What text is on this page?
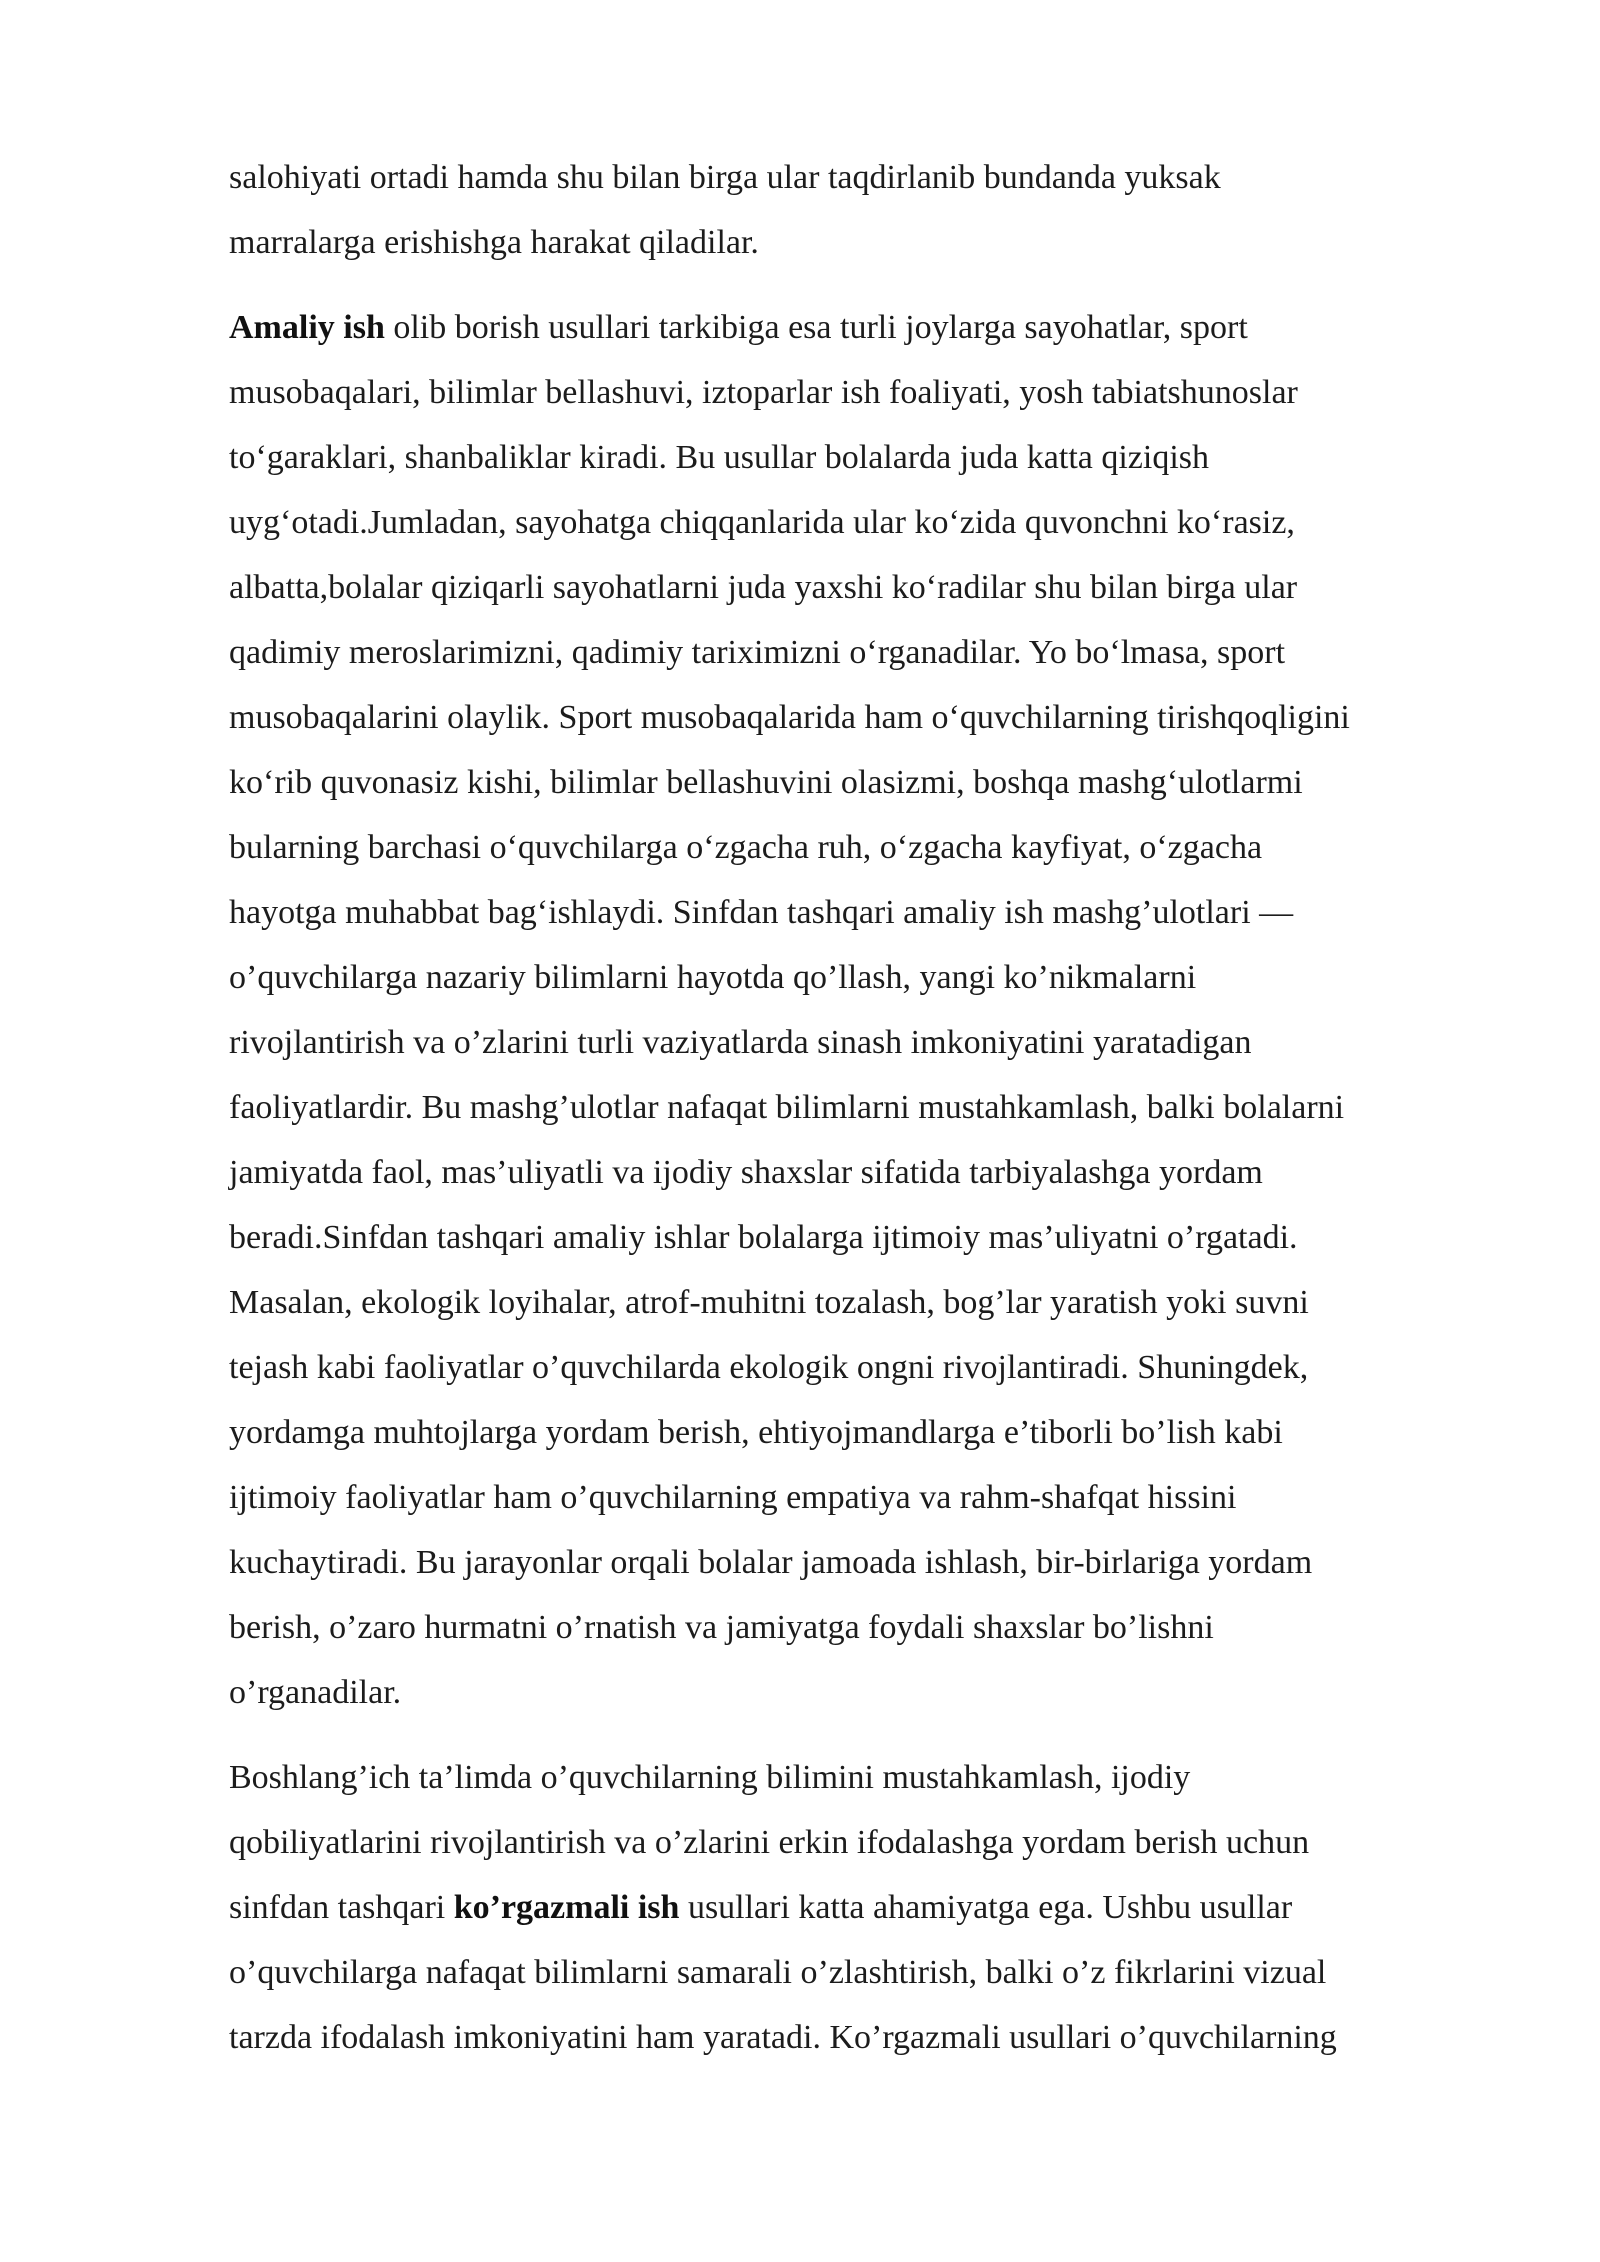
salohiyati ortadi hamda shu bilan birga ular taqdirlanib bundanda yuksak
marralarga erishishga harakat qiladilar.
Amaliy ish olib borish usullari tarkibiga esa turli joylarga sayohatlar, sport
musobaqalari, bilimlar bellashuvi, iztoparlar ish foaliyati, yosh tabiatshunoslar
to‘garaklari, shanbaliklar kiradi. Bu usullar bolalarda juda katta qiziqish
uyg‘otadi.Jumladan, sayohatga chiqqanlarida ular ko‘zida quvonchni ko‘rasiz,
albatta,bolalar qiziqarli sayohatlarni juda yaxshi ko‘radilar shu bilan birga ular
qadimiy meroslarimizni, qadimiy tariximizni o‘rganadilar. Yo bo‘lmasa, sport
musobaqalarini olaylik. Sport musobaqalarida ham o‘quvchilarning tirishqoqligini
ko‘rib quvonasiz kishi, bilimlar bellashuvini olasizmi, boshqa mashg‘ulotlarmi
bularning barchasi o‘quvchilarga o‘zgacha ruh, o‘zgacha kayfiyat, o‘zgacha
hayotga muhabbat bag‘ishlaydi. Sinfdan tashqari amaliy ish mashg’ulotlari —
o’quvchilarga nazariy bilimlarni hayotda qo’llash, yangi ko’nikmalarni
rivojlantirish va o’zlarini turli vaziyatlarda sinash imkoniyatini yaratadigan
faoliyatlardir. Bu mashg’ulotlar nafaqat bilimlarni mustahkamlash, balki bolalarni
jamiyatda faol, mas’uliyatli va ijodiy shaxslar sifatida tarbiyalashga yordam
beradi.Sinfdan tashqari amaliy ishlar bolalarga ijtimoiy mas’uliyatni o’rgatadi.
Masalan, ekologik loyihalar, atrof-muhitni tozalash, bog’lar yaratish yoki suvni
tejash kabi faoliyatlar o’quvchilarda ekologik ongni rivojlantiradi. Shuningdek,
yordamga muhtojlarga yordam berish, ehtiyojmandlarga e’tiborli bo’lish kabi
ijtimoiy faoliyatlar ham o’quvchilarning empatiya va rahm-shafqat hissini
kuchaytiradi. Bu jarayonlar orqali bolalar jamoada ishlash, bir-birlariga yordam
berish, o’zaro hurmatni o’rnatish va jamiyatga foydali shaxslar bo’lishni
o’rganadilar.
Boshlang’ich ta’limda o’quvchilarning bilimini mustahkamlash, ijodiy
qobiliyatlarini rivojlantirish va o’zlarini erkin ifodalashga yordam berish uchun
sinfdan tashqari ko’rgazmali ish usullari katta ahamiyatga ega. Ushbu usullar
o’quvchilarga nafaqat bilimlarni samarali o’zlashtirish, balki o’z fikrlarini vizual
tarzda ifodalash imkoniyatini ham yaratadi. Ko’rgazmali usullari o’quvchilarning
